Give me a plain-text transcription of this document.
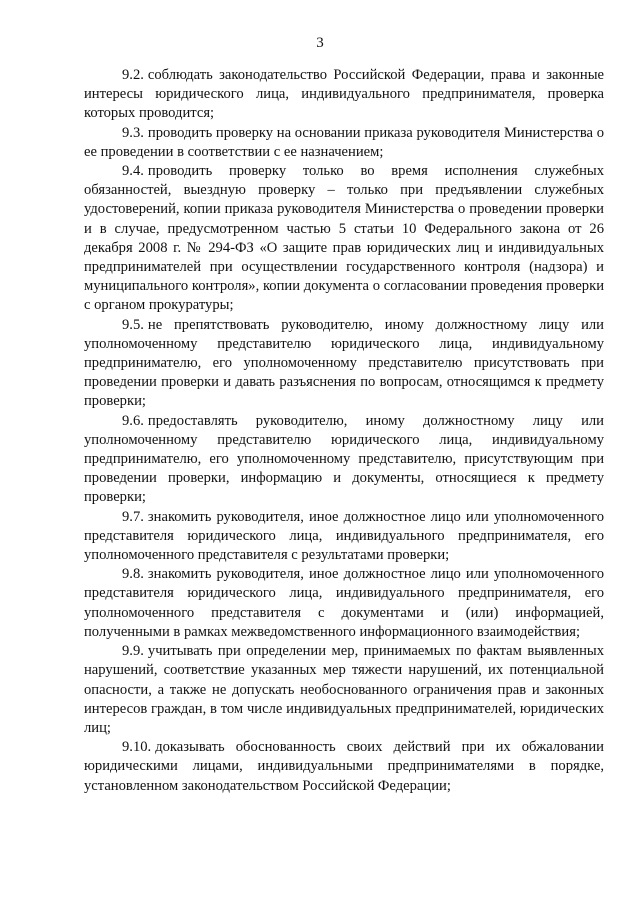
3

9.2. соблюдать законодательство Российской Федерации, права и законные интересы юридического лица, индивидуального предпринимателя, проверка которых проводится;

9.3. проводить проверку на основании приказа руководителя Министерства о ее проведении в соответствии с ее назначением;

9.4. проводить проверку только во время исполнения служебных обязанностей, выездную проверку – только при предъявлении служебных удостоверений, копии приказа руководителя Министерства о проведении проверки и в случае, предусмотренном частью 5 статьи 10 Федерального закона от 26 декабря 2008 г. № 294-ФЗ «О защите прав юридических лиц и индивидуальных предпринимателей при осуществлении государственного контроля (надзора) и муниципального контроля», копии документа о согласовании проведения проверки с органом прокуратуры;

9.5. не препятствовать руководителю, иному должностному лицу или уполномоченному представителю юридического лица, индивидуальному предпринимателю, его уполномоченному представителю присутствовать при проведении проверки и давать разъяснения по вопросам, относящимся к предмету проверки;

9.6. предоставлять руководителю, иному должностному лицу или уполномоченному представителю юридического лица, индивидуальному предпринимателю, его уполномоченному представителю, присутствующим при проведении проверки, информацию и документы, относящиеся к предмету проверки;

9.7. знакомить руководителя, иное должностное лицо или уполномоченного представителя юридического лица, индивидуального предпринимателя, его уполномоченного представителя с результатами проверки;

9.8. знакомить руководителя, иное должностное лицо или уполномоченного представителя юридического лица, индивидуального предпринимателя, его уполномоченного представителя с документами и (или) информацией, полученными в рамках межведомственного информационного взаимодействия;

9.9. учитывать при определении мер, принимаемых по фактам выявленных нарушений, соответствие указанных мер тяжести нарушений, их потенциальной опасности, а также не допускать необоснованного ограничения прав и законных интересов граждан, в том числе индивидуальных предпринимателей, юридических лиц;

9.10. доказывать обоснованность своих действий при их обжаловании юридическими лицами, индивидуальными предпринимателями в порядке, установленном законодательством Российской Федерации;
